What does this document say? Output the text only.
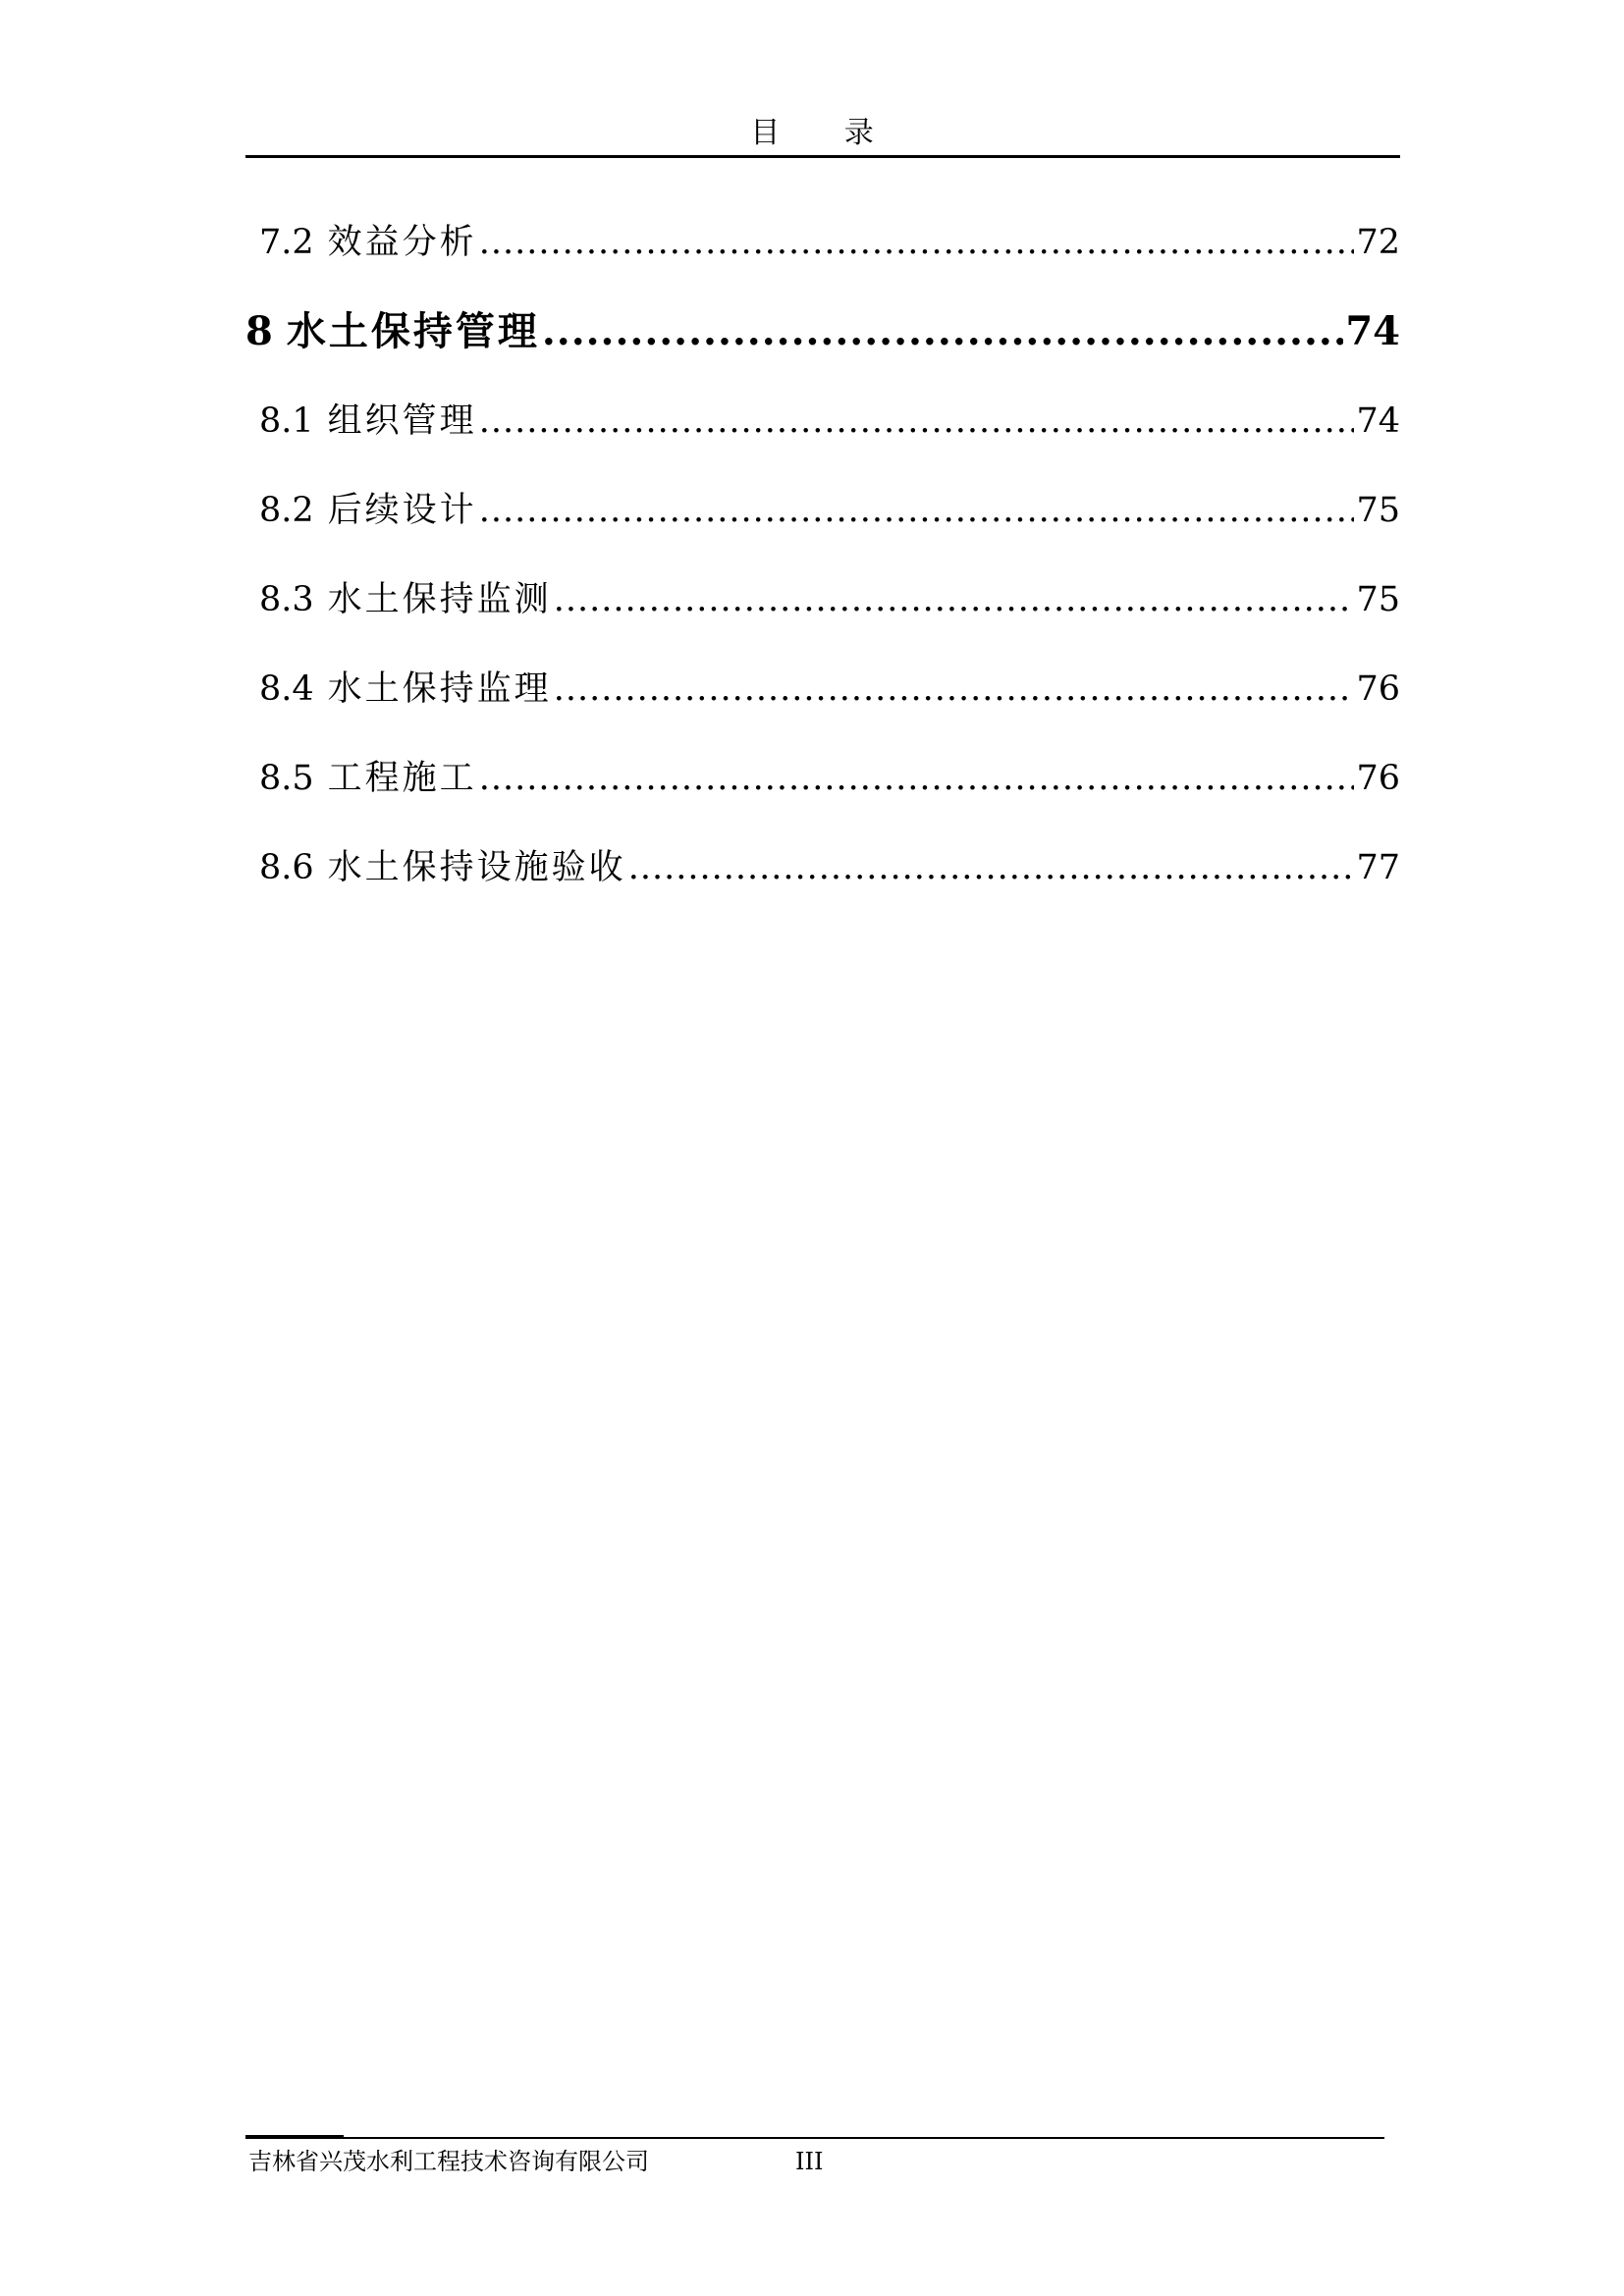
目 录
7.2 效益分析 .....	72
8 水土保持管理 .....	74
8.1 组织管理 .....	74
8.2 后续设计 .....	75
8.3 水土保持监测 .....	75
8.4 水土保持监理 .....	76
8.5 工程施工 .....	76
8.6 水土保持设施验收 .....	77
吉林省兴茂水利工程技术咨询有限公司	III
